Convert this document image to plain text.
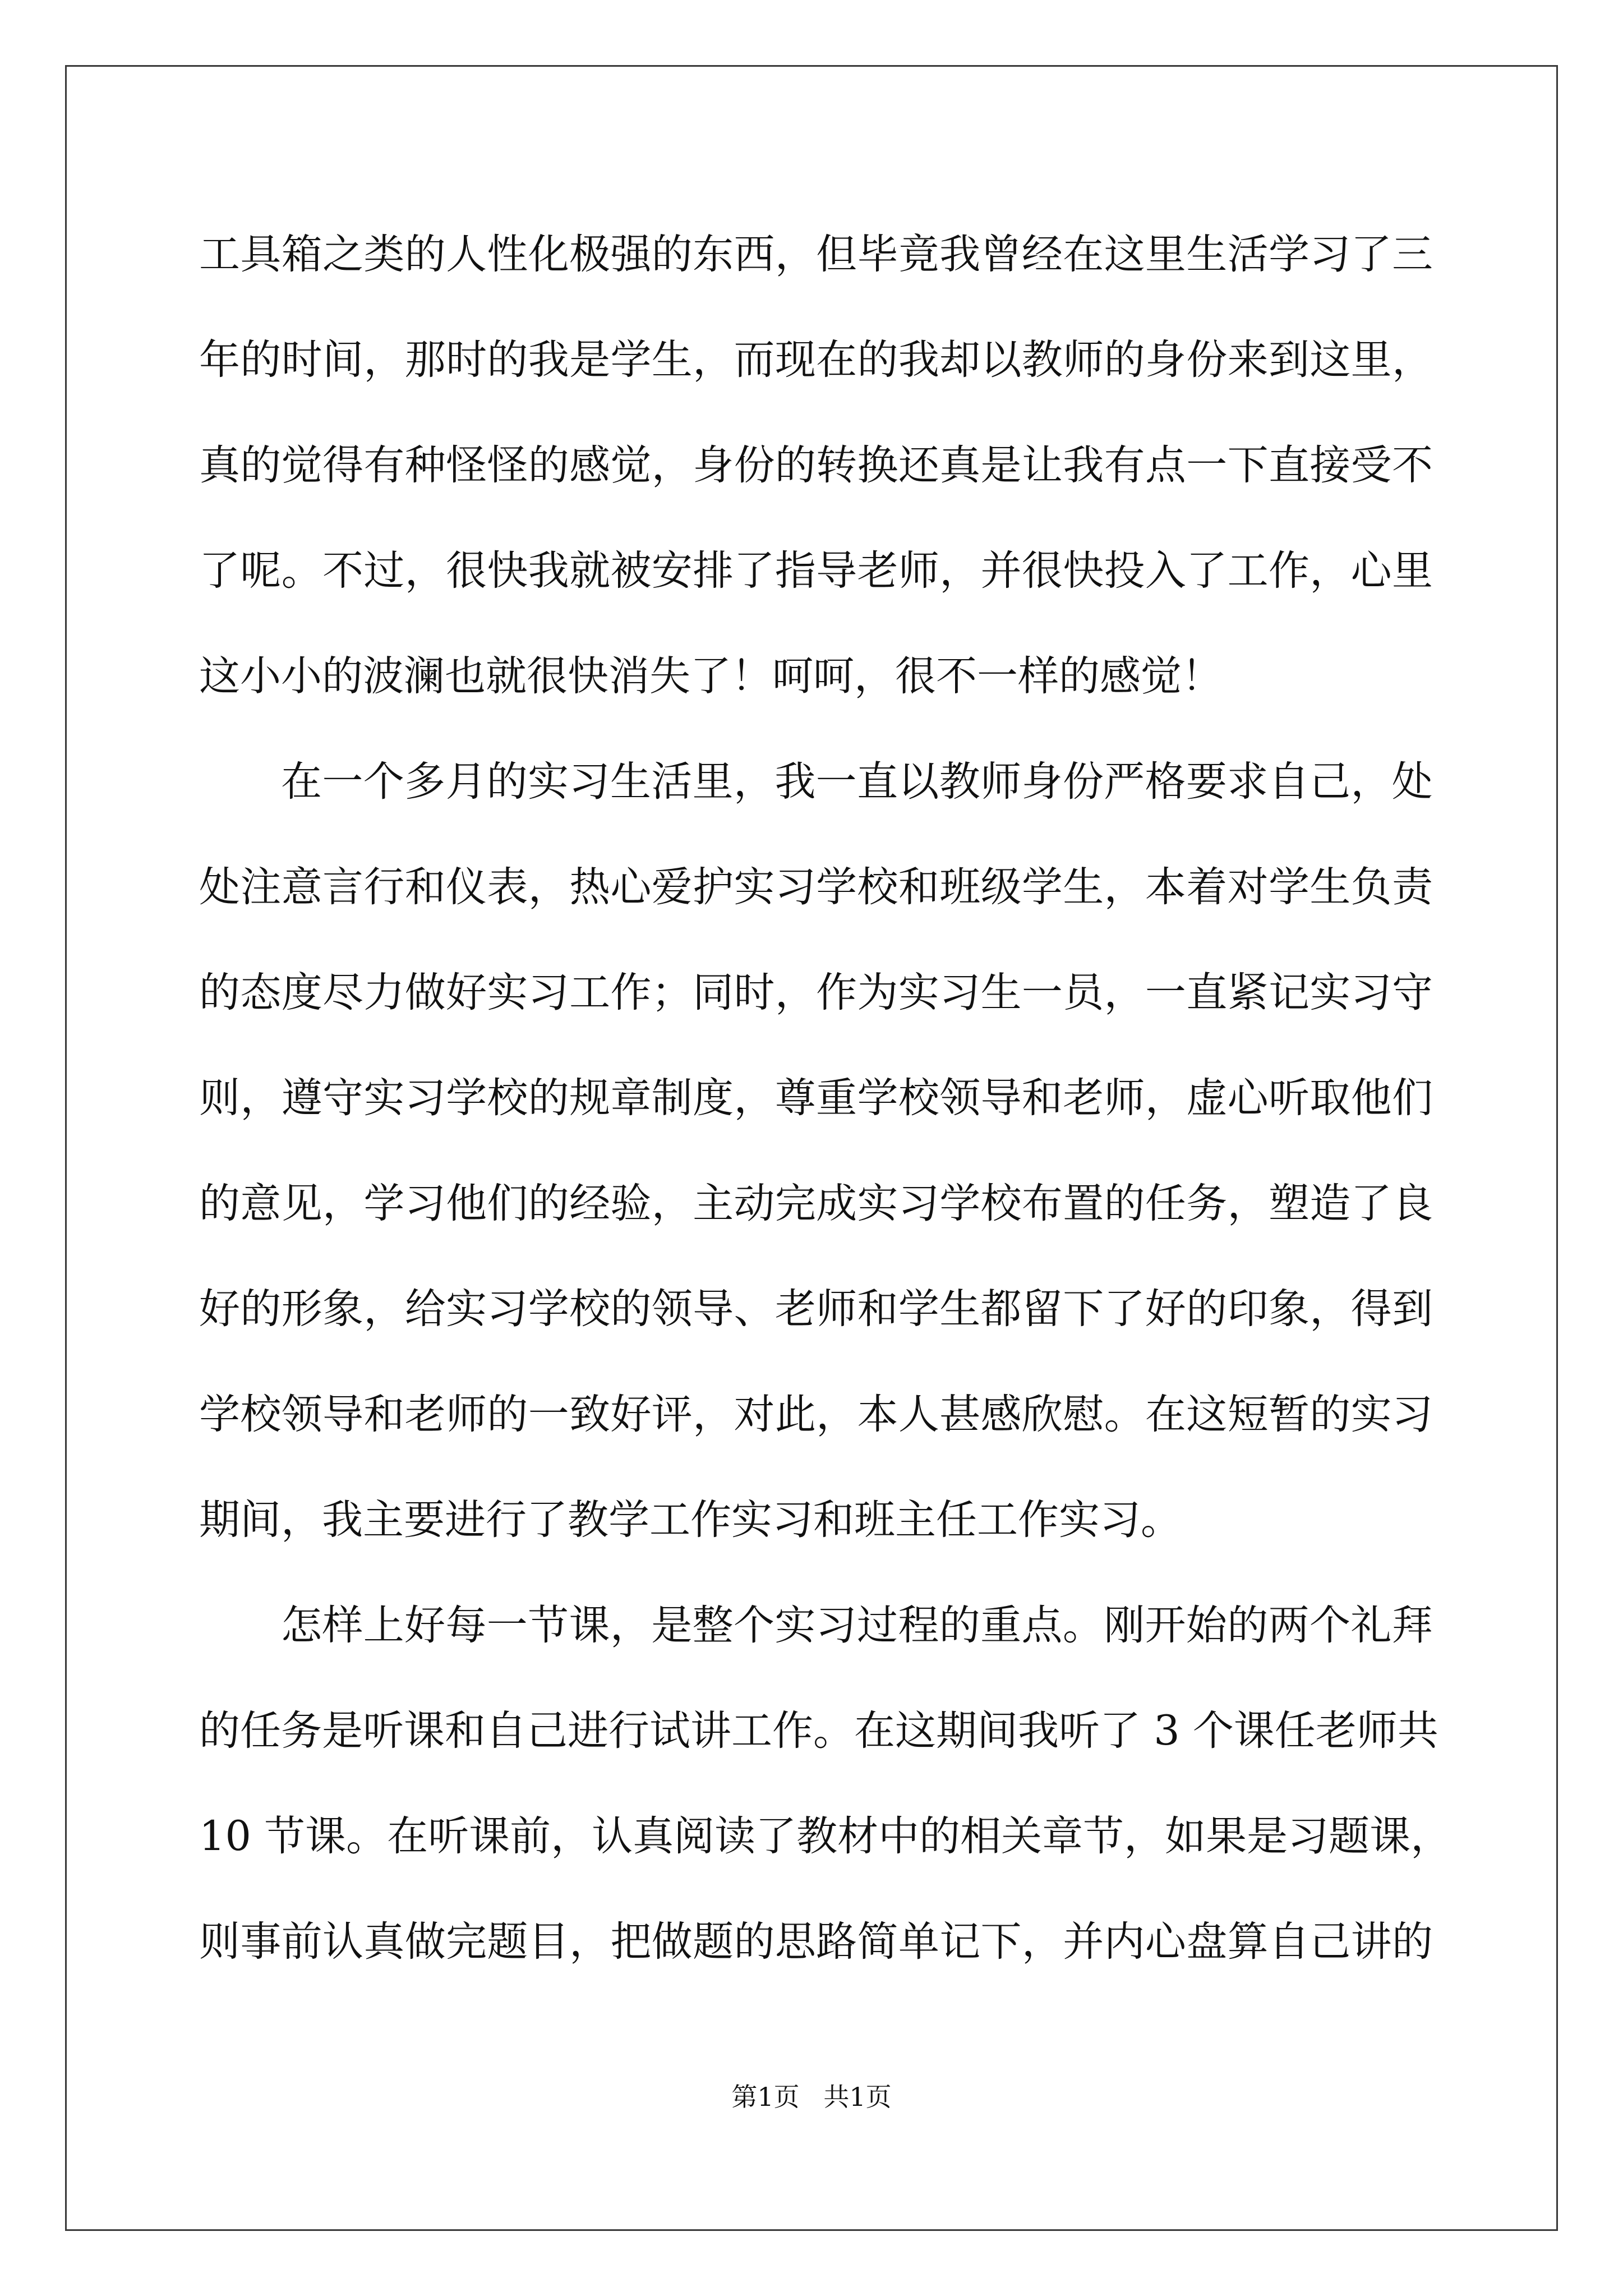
工 具 箱 之 类 的 人 性 化 极 强 的 东 西 ， 但 毕 竟 我 曾 经 在 这 里 生 活 学 习 了 三
年 的 时 间 ， 那 时 的 我 是 学 生 ， 而 现 在 的 我 却 以 教 师 的 身 份 来 到 这 里 ，
真 的 觉 得 有 种 怪 怪 的 感 觉 ， 身 份 的 转 换 还 真 是 让 我 有 点 一 下 直 接 受 不
了 呢 。 不 过 ， 很 快 我 就 被 安 排 了 指 导 老 师 ， 并 很 快 投 入 了 工 作 ， 心 里
这小小的波澜也就很快消失了！呵呵，很不一样的感觉！
在 一 个 多 月 的 实 习 生 活 里 ， 我 一 直 以 教 师 身 份 严 格 要 求 自 己 ， 处
处 注 意 言 行 和 仪 表 ， 热 心 爱 护 实 习 学 校 和 班 级 学 生 ， 本 着 对 学 生 负 责
的 态 度 尽 力 做 好 实 习 工 作 ； 同 时 ， 作 为 实 习 生 一 员 ， 一 直 紧 记 实 习 守
则 ， 遵 守 实 习 学 校 的 规 章 制 度 ， 尊 重 学 校 领 导 和 老 师 ， 虚 心 听 取 他 们
的 意 见 ， 学 习 他 们 的 经 验 ， 主 动 完 成 实 习 学 校 布 置 的 任 务 ， 塑 造 了 良
好 的 形 象 ， 给 实 习 学 校 的 领 导 、 老 师 和 学 生 都 留 下 了 好 的 印 象 ， 得 到
学 校 领 导 和 老 师 的 一 致 好 评 ， 对 此 ， 本 人 甚 感 欣 慰 。 在 这 短 暂 的 实 习
期间，我主要进行了教学工作实习和班主任工作实习。
怎 样 上 好 每 一 节 课 ， 是 整 个 实 习 过 程 的 重 点 。 刚 开 始 的 两 个 礼 拜
的 任 务 是 听 课 和 自 己 进 行 试 讲 工 作 。 在 这 期 间 我 听 了
3
个 课 任 老 师 共
1 0
节 课 。 在 听 课 前 ， 认 真 阅 读 了 教 材 中 的 相 关 章 节 ， 如 果 是 习 题 课 ，
则 事 前 认 真 做 完 题 目 ， 把 做 题 的 思 路 简 单 记 下 ， 并 内 心 盘 算 自 己 讲 的
第1页 共1页
